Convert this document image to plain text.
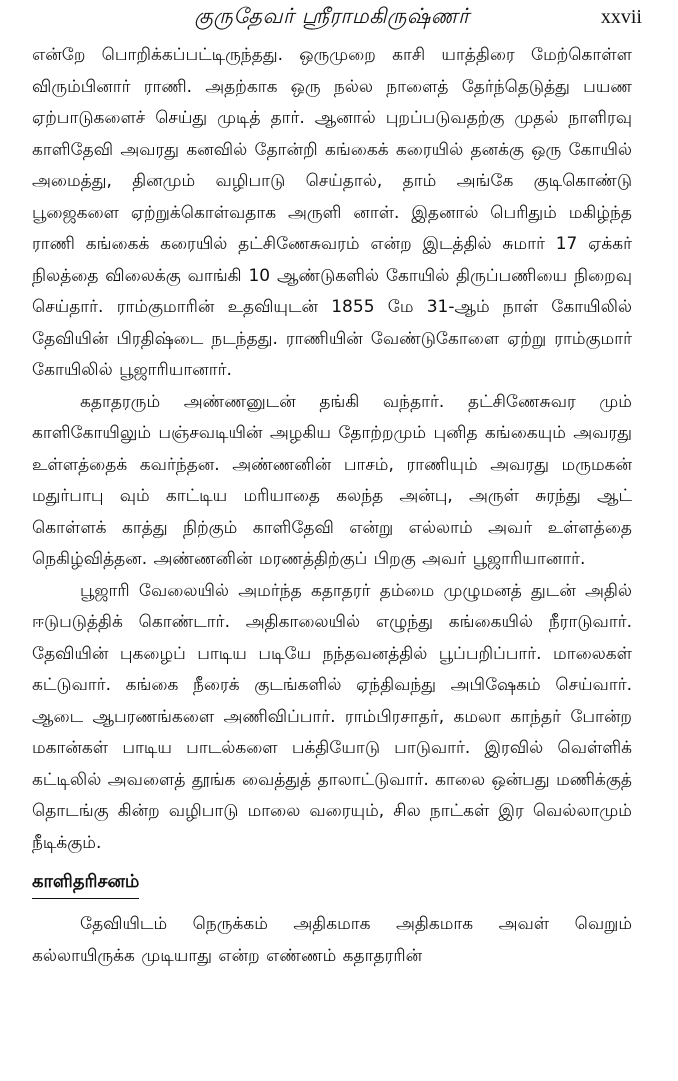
குருதேவர் ஸ்ரீராமகிருஷ்ணர்	xxvii

என்றே பொறிக்கப்பட்டிருந்தது. ஒருமுறை காசி யாத்திரை மேற்கொள்ள விரும்பினார் ராணி. அதற்காக ஒரு நல்ல நாளைத் தேர்ந்தெடுத்து பயண ஏற்பாடுகளைச் செய்து முடித் தார். ஆனால் புறப்படுவதற்கு முதல் நாளிரவு காளிதேவி அவரது கனவில் தோன்றி கங்கைக் கரையில் தனக்கு ஒரு கோயில் அமைத்து, தினமும் வழிபாடு செய்தால், தாம் அங்கே குடிகொண்டு பூஜைகளை ஏற்றுக்கொள்வதாக அருளி னாள். இதனால் பெரிதும் மகிழ்ந்த ராணி கங்கைக் கரையில் தட்சிணேசுவரம் என்ற இடத்தில் சுமார் 17 ஏக்கர் நிலத்தை விலைக்கு வாங்கி 10 ஆண்டுகளில் கோயில் திருப்பணியை நிறைவு செய்தார். ராம்குமாரின் உதவியுடன் 1855 மே 31-ஆம் நாள் கோயிலில் தேவியின் பிரதிஷ்டை நடந்தது. ராணியின் வேண்டுகோளை ஏற்று ராம்குமார் கோயிலில் பூஜாரியானார்.

கதாதரரும் அண்ணனுடன் தங்கி வந்தார். தட்சிணேசுவர மும் காளிகோயிலும் பஞ்சவடியின் அழகிய தோற்றமும் புனித கங்கையும் அவரது உள்ளத்தைக் கவர்ந்தன. அண்ணனின் பாசம், ராணியும் அவரது மருமகன் மதுர்பாபு வும் காட்டிய மரியாதை கலந்த அன்பு, அருள் சுரந்து ஆட் கொள்ளக் காத்து நிற்கும் காளிதேவி என்று எல்லாம் அவர் உள்ளத்தை நெகிழ்வித்தன. அண்ணனின் மரணத்திற்குப் பிறகு அவர் பூஜாரியானார்.

பூஜாரி வேலையில் அமர்ந்த கதாதரர் தம்மை முழுமனத் துடன் அதில் ஈடுபடுத்திக் கொண்டார். அதிகாலையில் எழுந்து கங்கையில் நீராடுவார். தேவியின் புகழைப் பாடிய படியே நந்தவனத்தில் பூப்பறிப்பார். மாலைகள் கட்டுவார். கங்கை நீரைக் குடங்களில் ஏந்திவந்து அபிஷேகம் செய்வார். ஆடை ஆபரணங்களை அணிவிப்பார். ராம்பிரசாதர், கமலா காந்தர் போன்ற மகான்கள் பாடிய பாடல்களை பக்தியோடு பாடுவார். இரவில் வெள்ளிக் கட்டிலில் அவளைத் தூங்க வைத்துத் தாலாட்டுவார். காலை ஒன்பது மணிக்குத் தொடங்கு கின்ற வழிபாடு மாலை வரையும், சில நாட்கள் இர வெல்லாமும் நீடிக்கும்.

காளிதரிசனம்

தேவியிடம் நெருக்கம் அதிகமாக அதிகமாக அவள் வெறும் கல்லாயிருக்க முடியாது என்ற எண்ணம் கதாதரரின்
